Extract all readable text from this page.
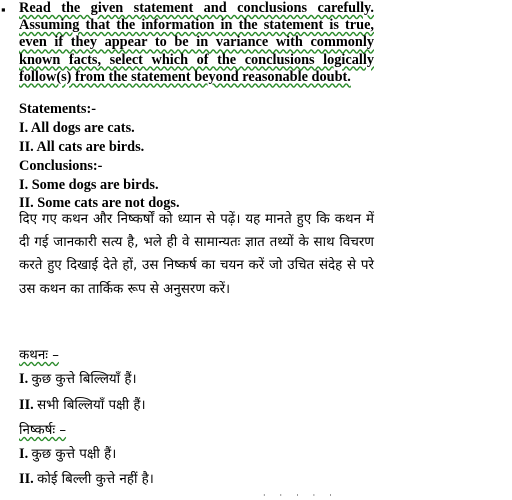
▪ Read the given statement and conclusions carefully. Assuming that the information in the statement is true, even if they appear to be in variance with commonly known facts, select which of the conclusions logically follow(s) from the statement beyond reasonable doubt.

Statements:-

I. All dogs are cats.

II. All cats are birds.

Conclusions:-

I. Some dogs are birds.

II. Some cats are not dogs.

दिए गए कथन और निष्कर्षों को ध्यान से पढ़ें। यह मानते हुए कि कथन में दी गई जानकारी सत्य है, भले ही वे सामान्यतः ज्ञात तथ्यों के साथ विचरण करते हुए दिखाई देते हों, उस निष्कर्ष का चयन करें जो उचित संदेह से परे उस कथन का तार्किक रूप से अनुसरण करें।

कथनः –

I. कुछ कुत्ते बिल्लियाँ हैं।

II. सभी बिल्लियाँ पक्षी हैं।

निष्कर्षः –

I. कुछ कुत्ते पक्षी हैं।

II. कोई बिल्ली कुत्ते नहीं है।

·····
